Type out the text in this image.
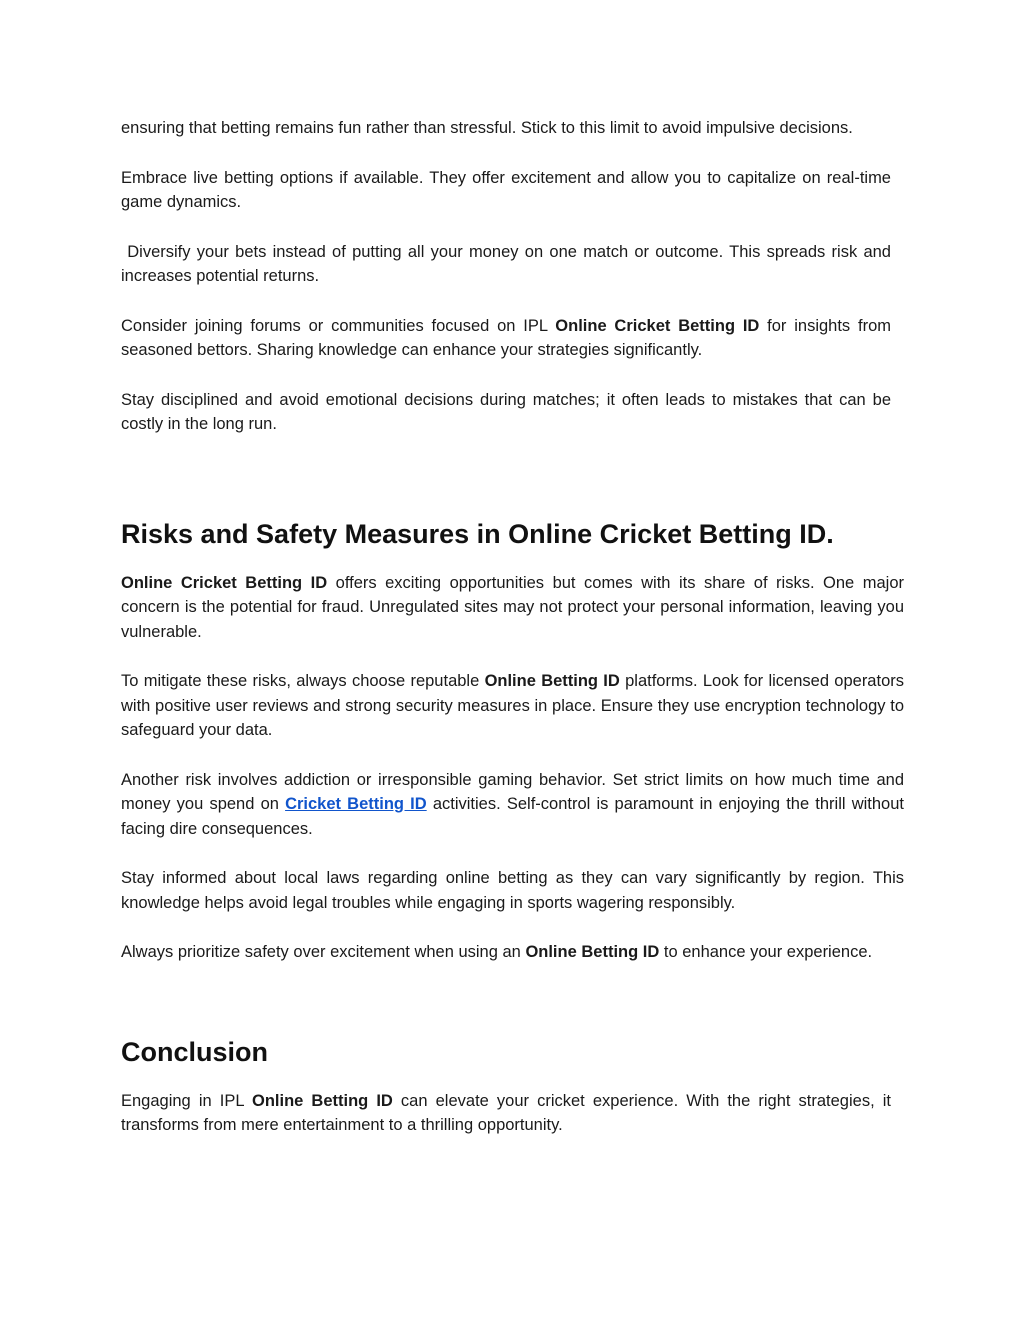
ensuring that betting remains fun rather than stressful. Stick to this limit to avoid impulsive decisions.

Embrace live betting options if available. They offer excitement and allow you to capitalize on real-time game dynamics.

Diversify your bets instead of putting all your money on one match or outcome. This spreads risk and increases potential returns.

Consider joining forums or communities focused on IPL Online Cricket Betting ID for insights from seasoned bettors. Sharing knowledge can enhance your strategies significantly.

Stay disciplined and avoid emotional decisions during matches; it often leads to mistakes that can be costly in the long run.

Risks and Safety Measures in Online Cricket Betting ID.

Online Cricket Betting ID offers exciting opportunities but comes with its share of risks. One major concern is the potential for fraud. Unregulated sites may not protect your personal information, leaving you vulnerable.

To mitigate these risks, always choose reputable Online Betting ID platforms. Look for licensed operators with positive user reviews and strong security measures in place. Ensure they use encryption technology to safeguard your data.

Another risk involves addiction or irresponsible gaming behavior. Set strict limits on how much time and money you spend on Cricket Betting ID activities. Self-control is paramount in enjoying the thrill without facing dire consequences.

Stay informed about local laws regarding online betting as they can vary significantly by region. This knowledge helps avoid legal troubles while engaging in sports wagering responsibly.

Always prioritize safety over excitement when using an Online Betting ID to enhance your experience.

Conclusion

Engaging in IPL Online Betting ID can elevate your cricket experience. With the right strategies, it transforms from mere entertainment to a thrilling opportunity.
